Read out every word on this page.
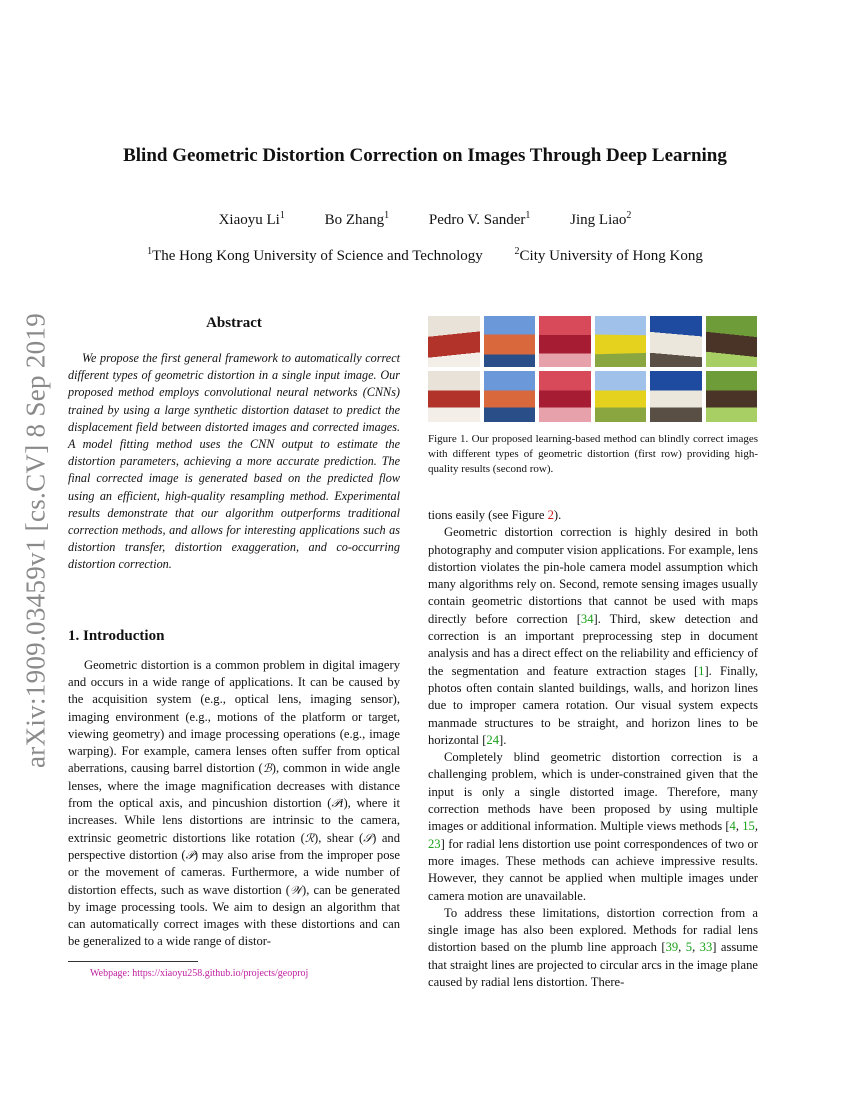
arXiv:1909.03459v1 [cs.CV] 8 Sep 2019
Blind Geometric Distortion Correction on Images Through Deep Learning
Xiaoyu Li$^1$	Bo Zhang$^1$	Pedro V. Sander$^1$	Jing Liao$^2$
$^1$The Hong Kong University of Science and Technology	$^2$City University of Hong Kong
Abstract

We propose the first general framework to automatically correct different types of geometric distortion in a single input image. Our proposed method employs convolutional neural networks (CNNs) trained by using a large synthetic distortion dataset to predict the displacement field between distorted images and corrected images. A model fitting method uses the CNN output to estimate the distortion parameters, achieving a more accurate prediction. The final corrected image is generated based on the predicted flow using an efficient, high-quality resampling method. Experimental results demonstrate that our algorithm outperforms traditional correction methods, and allows for interesting applications such as distortion transfer, distortion exaggeration, and co-occurring distortion correction.

1. Introduction

Geometric distortion is a common problem in digital imagery and occurs in a wide range of applications. It can be caused by the acquisition system (e.g., optical lens, imaging sensor), imaging environment (e.g., motions of the platform or target, viewing geometry) and image processing operations (e.g., image warping). For example, camera lenses often suffer from optical aberrations, causing barrel distortion (ℬ), common in wide angle lenses, where the image magnification decreases with distance from the optical axis, and pincushion distortion (𝒫i), where it increases. While lens distortions are intrinsic to the camera, extrinsic geometric distortions like rotation (ℛ), shear (𝒮) and perspective distortion (𝒫) may also arise from the improper pose or the movement of cameras. Furthermore, a wide number of distortion effects, such as wave distortion (𝒲), can be generated by image processing tools. We aim to design an algorithm that can automatically correct images with these distortions and can be generalized to a wide range of distor-

Webpage: https://xiaoyu258.github.io/projects/geoproj

Figure 1. Our proposed learning-based method can blindly correct images with different types of geometric distortion (first row) providing high-quality results (second row).

tions easily (see Figure 2).

Geometric distortion correction is highly desired in both photography and computer vision applications. For example, lens distortion violates the pin-hole camera model assumption which many algorithms rely on. Second, remote sensing images usually contain geometric distortions that cannot be used with maps directly before correction [34]. Third, skew detection and correction is an important preprocessing step in document analysis and has a direct effect on the reliability and efficiency of the segmentation and feature extraction stages [1]. Finally, photos often contain slanted buildings, walls, and horizon lines due to improper camera rotation. Our visual system expects manmade structures to be straight, and horizon lines to be horizontal [24].

Completely blind geometric distortion correction is a challenging problem, which is under-constrained given that the input is only a single distorted image. Therefore, many correction methods have been proposed by using multiple images or additional information. Multiple views methods [4, 15, 23] for radial lens distortion use point correspondences of two or more images. These methods can achieve impressive results. However, they cannot be applied when multiple images under camera motion are unavailable.

To address these limitations, distortion correction from a single image has also been explored. Methods for radial lens distortion based on the plumb line approach [39, 5, 33] assume that straight lines are projected to circular arcs in the image plane caused by radial lens distortion. There-
